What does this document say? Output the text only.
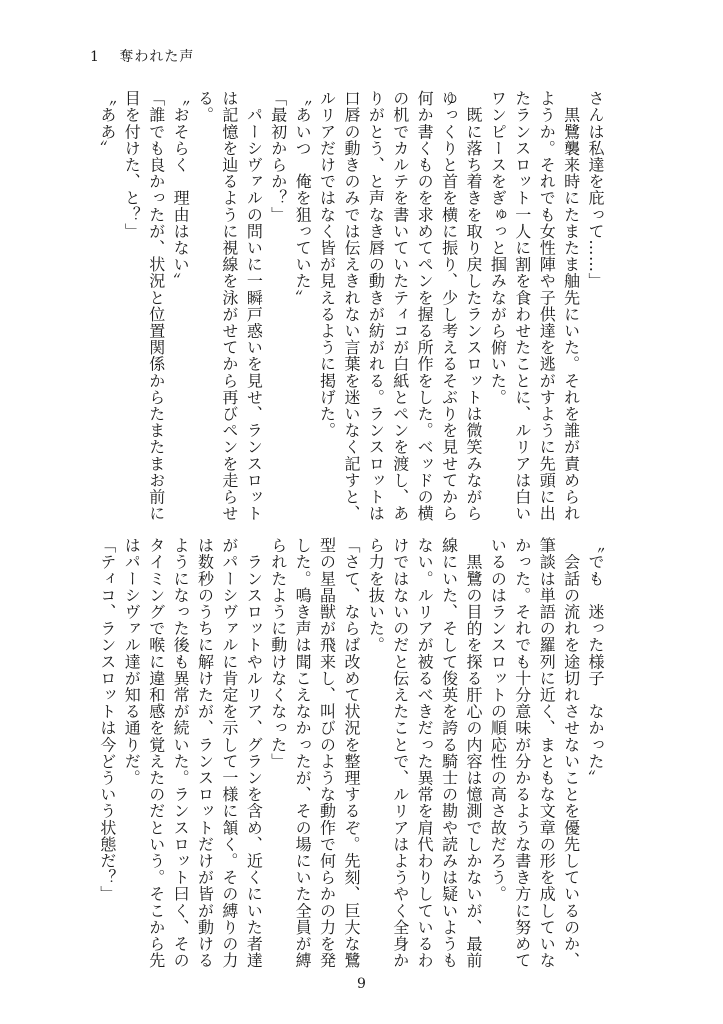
1 奪われた声
さんは私達を庇って……」
　黒鷺襲来時にたまたま舳先にいた。それを誰が責められ
ようか。それでも女性陣や子供達を逃がすように先頭に出
たランスロット一人に割を食わせたことに、ルリアは白い
ワンピースをぎゅっと掴みながら俯いた。
　既に落ち着きを取り戻したランスロットは微笑みながら
ゆっくりと首を横に振り、少し考えるそぶりを見せてから
何か書くものを求めてペンを握る所作をした。ベッドの横
の机でカルテを書いていたティコが白紙とペンを渡し、あ
りがとう、と声なき唇の動きが紡がれる。ランスロットは
口唇の動きのみでは伝えきれない言葉を迷いなく記すと、
ルリアだけではなく皆が見えるように掲げた。
〝あいつ　俺を狙っていた〟
「最初からか？」
　パーシヴァルの問いに一瞬戸惑いを見せ、ランスロット
は記憶を辿るように視線を泳がせてから再びペンを走らせ
る。
〝おそらく　理由はない〟
「誰でも良かったが、状況と位置関係からたまたまお前に
目を付けた、と？」
〝ああ〟
〝でも　迷った様子　なかった〟
　会話の流れを途切れさせないことを優先しているのか、
筆談は単語の羅列に近く、まともな文章の形を成していな
かった。それでも十分意味が分かるような書き方に努めて
いるのはランスロットの順応性の高さ故だろう。
　黒鷺の目的を探る肝心の内容は憶測でしかないが、最前
線にいた、そして俊英を誇る騎士の勘や読みは疑いようも
ない。ルリアが被るべきだった異常を肩代わりしているわ
けではないのだと伝えたことで、ルリアはようやく全身か
ら力を抜いた。
「さて、ならば改めて状況を整理するぞ。先刻、巨大な鷺
型の星晶獣が飛来し、叫びのような動作で何らかの力を発
した。鳴き声は聞こえなかったが、その場にいた全員が縛
られたように動けなくなった」
　ランスロットやルリア、グランを含め、近くにいた者達
がパーシヴァルに肯定を示して一様に頷く。その縛りの力
は数秒のうちに解けたが、ランスロットだけが皆が動ける
ようになった後も異常が続いた。ランスロット曰く、その
タイミングで喉に違和感を覚えたのだという。そこから先
はパーシヴァル達が知る通りだ。
「ティコ、ランスロットは今どういう状態だ？」
9
